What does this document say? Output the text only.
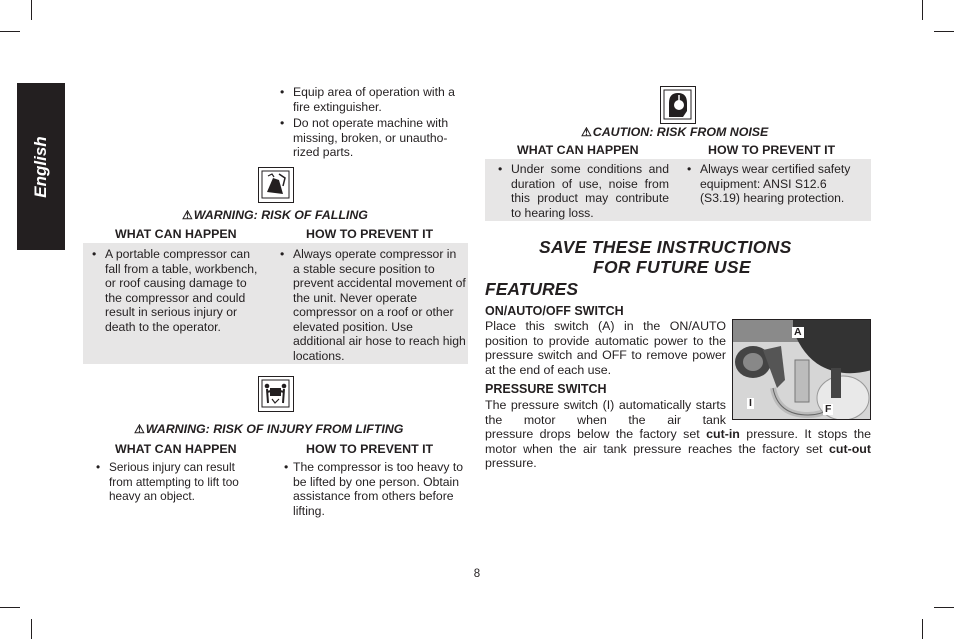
English
• Equip area of operation with a fire extinguisher.
• Do not operate machine with missing, broken, or unautho-rized parts.
⚠WARNING: RISK OF FALLING
WHAT CAN HAPPEN	HOW TO PREVENT IT
• A portable compressor can fall from a table, workbench, or roof causing damage to the compressor and could result in serious injury or death to the operator.
• Always operate compressor in a stable secure position to prevent accidental movement of the unit. Never operate compressor on a roof or other elevated position. Use additional air hose to reach high locations.
⚠WARNING: RISK OF INJURY FROM LIFTING
WHAT CAN HAPPEN	HOW TO PREVENT IT
• Serious injury can result from attempting to lift too heavy an object.
• The compressor is too heavy to be lifted by one person. Obtain assistance from others before lifting.
⚠CAUTION: RISK FROM NOISE
WHAT CAN HAPPEN	HOW TO PREVENT IT
• Under some conditions and duration of use, noise from this product may contribute to hearing loss.
• Always wear certified safety equipment: ANSI S12.6 (S3.19) hearing protection.
SAVE THESE INSTRUCTIONS
FOR FUTURE USE
FEATURES
ON/AUTO/OFF SWITCH
Place this switch (A) in the ON/AUTO position to provide automatic power to the pressure switch and OFF to remove power at the end of each use.
PRESSURE SWITCH
The pressure switch (I) automatically starts the motor when the air tank
pressure drops below the factory set cut-in pressure. It stops the motor when the air tank pressure reaches the factory set cut-out pressure.
A
I	F
8
